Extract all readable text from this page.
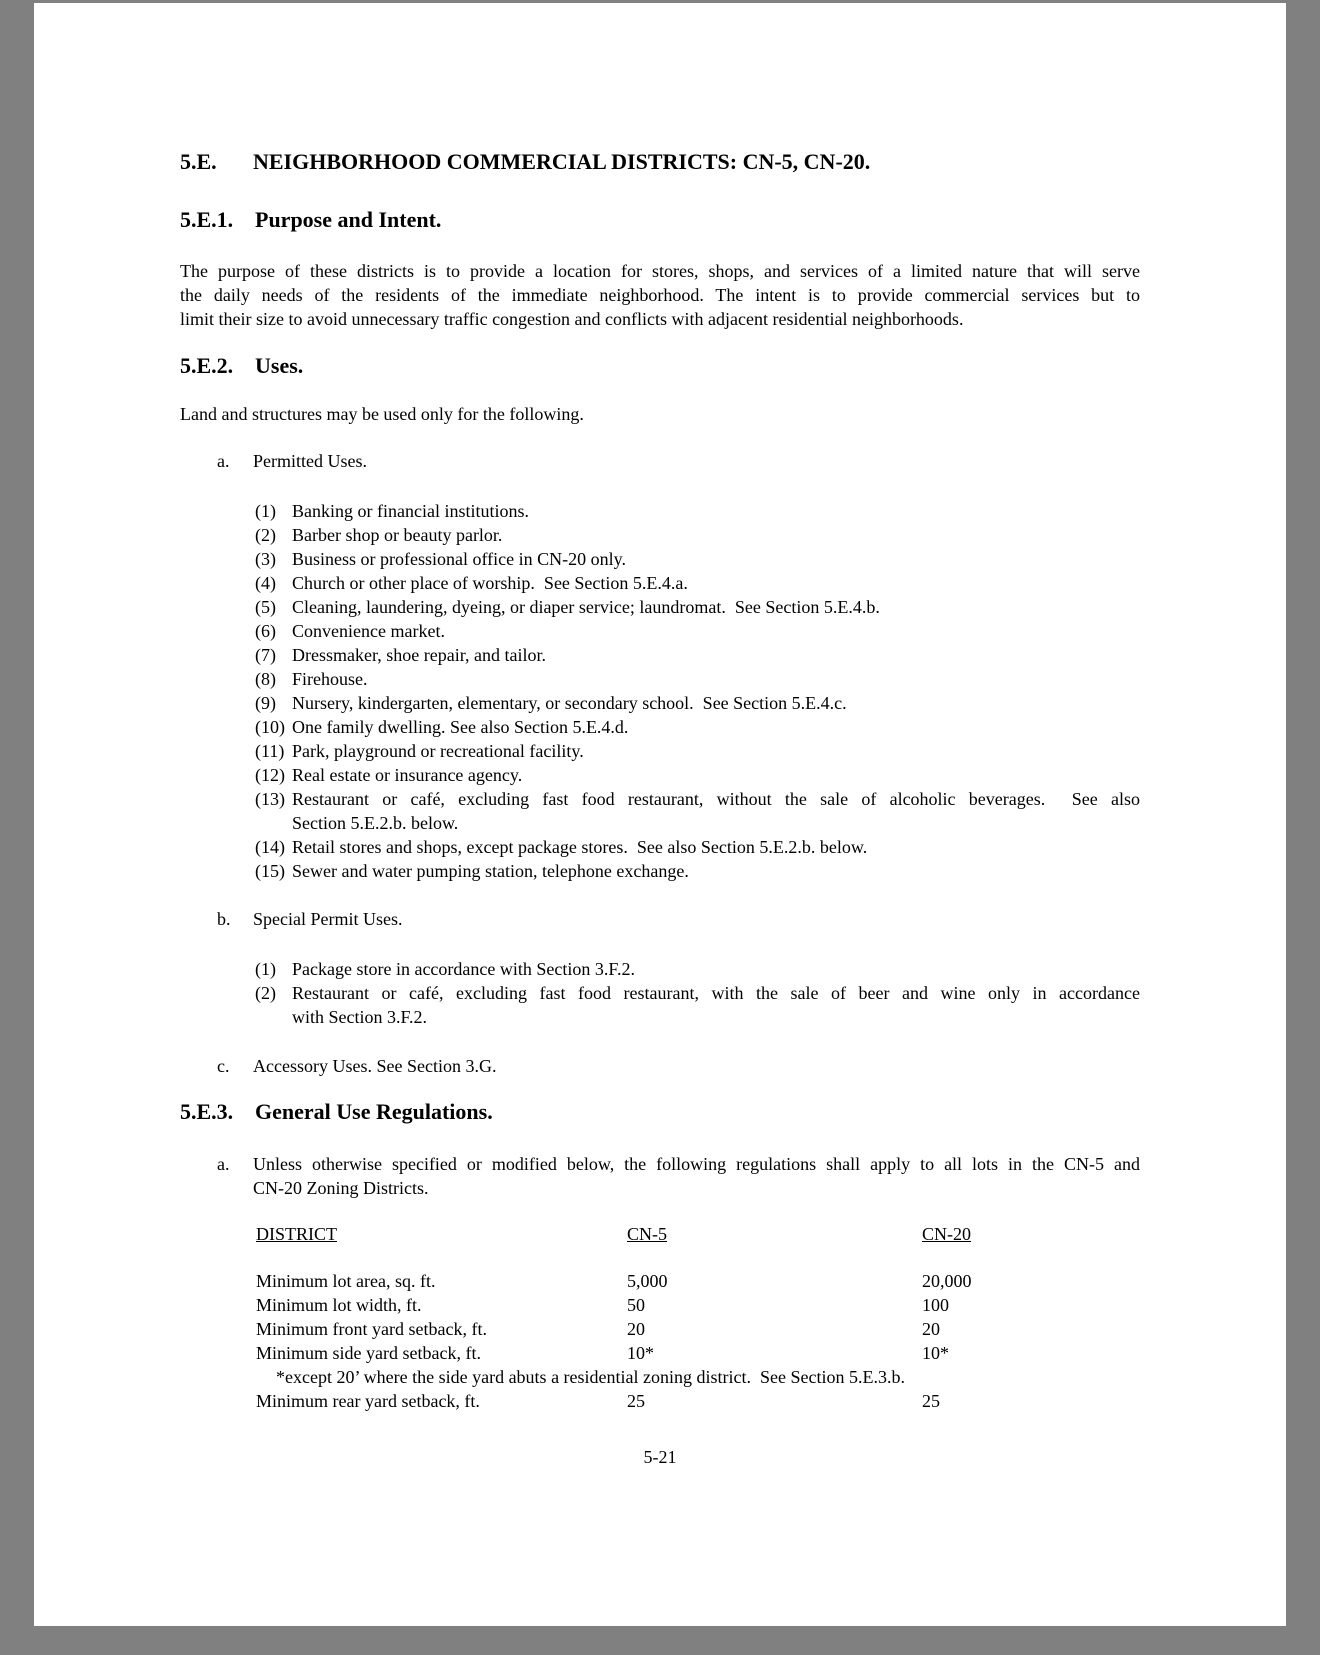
5.E. NEIGHBORHOOD COMMERCIAL DISTRICTS: CN-5, CN-20.
5.E.1. Purpose and Intent.
The purpose of these districts is to provide a location for stores, shops, and services of a limited nature that will serve
the daily needs of the residents of the immediate neighborhood. The intent is to provide commercial services but to
limit their size to avoid unnecessary traffic congestion and conflicts with adjacent residential neighborhoods.
5.E.2. Uses.
Land and structures may be used only for the following.
a. Permitted Uses.
(1) Banking or financial institutions.
(2) Barber shop or beauty parlor.
(3) Business or professional office in CN-20 only.
(4) Church or other place of worship.  See Section 5.E.4.a.
(5) Cleaning, laundering, dyeing, or diaper service; laundromat.  See Section 5.E.4.b.
(6) Convenience market.
(7) Dressmaker, shoe repair, and tailor.
(8) Firehouse.
(9) Nursery, kindergarten, elementary, or secondary school.  See Section 5.E.4.c.
(10) One family dwelling. See also Section 5.E.4.d.
(11) Park, playground or recreational facility.
(12) Real estate or insurance agency.
(13) Restaurant or café, excluding fast food restaurant, without the sale of alcoholic beverages.  See also
Section 5.E.2.b. below.
(14) Retail stores and shops, except package stores.  See also Section 5.E.2.b. below.
(15) Sewer and water pumping station, telephone exchange.
b. Special Permit Uses.
(1) Package store in accordance with Section 3.F.2.
(2) Restaurant or café, excluding fast food restaurant, with the sale of beer and wine only in accordance
with Section 3.F.2.
c. Accessory Uses. See Section 3.G.
5.E.3. General Use Regulations.
a. Unless otherwise specified or modified below, the following regulations shall apply to all lots in the CN-5 and
CN-20 Zoning Districts.
DISTRICT	CN-5	CN-20
Minimum lot area, sq. ft.	5,000	20,000
Minimum lot width, ft.	50	100
Minimum front yard setback, ft.	20	20
Minimum side yard setback, ft.	10*	10*
*except 20’ where the side yard abuts a residential zoning district.  See Section 5.E.3.b.
Minimum rear yard setback, ft.	25	25
5-21
